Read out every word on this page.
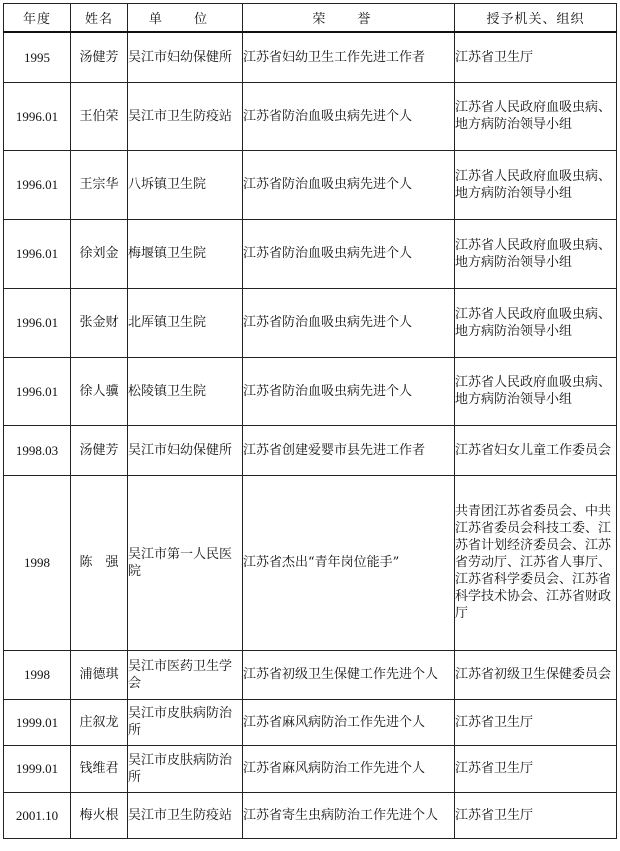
年度	姓名	单 位	荣 誉	授予机关、组织

1995	汤健芳	吴江市妇幼保健所	江苏省妇幼卫生工作先进工作者	江苏省卫生厅

1996.01	王伯荣	吴江市卫生防疫站	江苏省防治血吸虫病先进个人	江苏省人民政府血吸虫病、地方病防治领导小组

1996.01	王宗华	八坼镇卫生院	江苏省防治血吸虫病先进个人	江苏省人民政府血吸虫病、地方病防治领导小组

1996.01	徐刘金	梅堰镇卫生院	江苏省防治血吸虫病先进个人	江苏省人民政府血吸虫病、地方病防治领导小组

1996.01	张金财	北厍镇卫生院	江苏省防治血吸虫病先进个人	江苏省人民政府血吸虫病、地方病防治领导小组

1996.01	徐人骥	松陵镇卫生院	江苏省防治血吸虫病先进个人	江苏省人民政府血吸虫病、地方病防治领导小组

1998.03	汤健芳	吴江市妇幼保健所	江苏省创建爱婴市县先进工作者	江苏省妇女儿童工作委员会

1998	陈　强	吴江市第一人民医院	江苏省杰出“青年岗位能手”	共青团江苏省委员会、中共江苏省委员会科技工委、江苏省计划经济委员会、江苏省劳动厅、江苏省人事厅、江苏省科学委员会、江苏省科学技术协会、江苏省财政厅

1998	浦德琪	吴江市医药卫生学会	江苏省初级卫生保健工作先进个人	江苏省初级卫生保健委员会

1999.01	庄叙龙	吴江市皮肤病防治所	江苏省麻风病防治工作先进个人	江苏省卫生厅

1999.01	钱维君	吴江市皮肤病防治所	江苏省麻风病防治工作先进个人	江苏省卫生厅

2001.10	梅火根	吴江市卫生防疫站	江苏省寄生虫病防治工作先进个人	江苏省卫生厅
